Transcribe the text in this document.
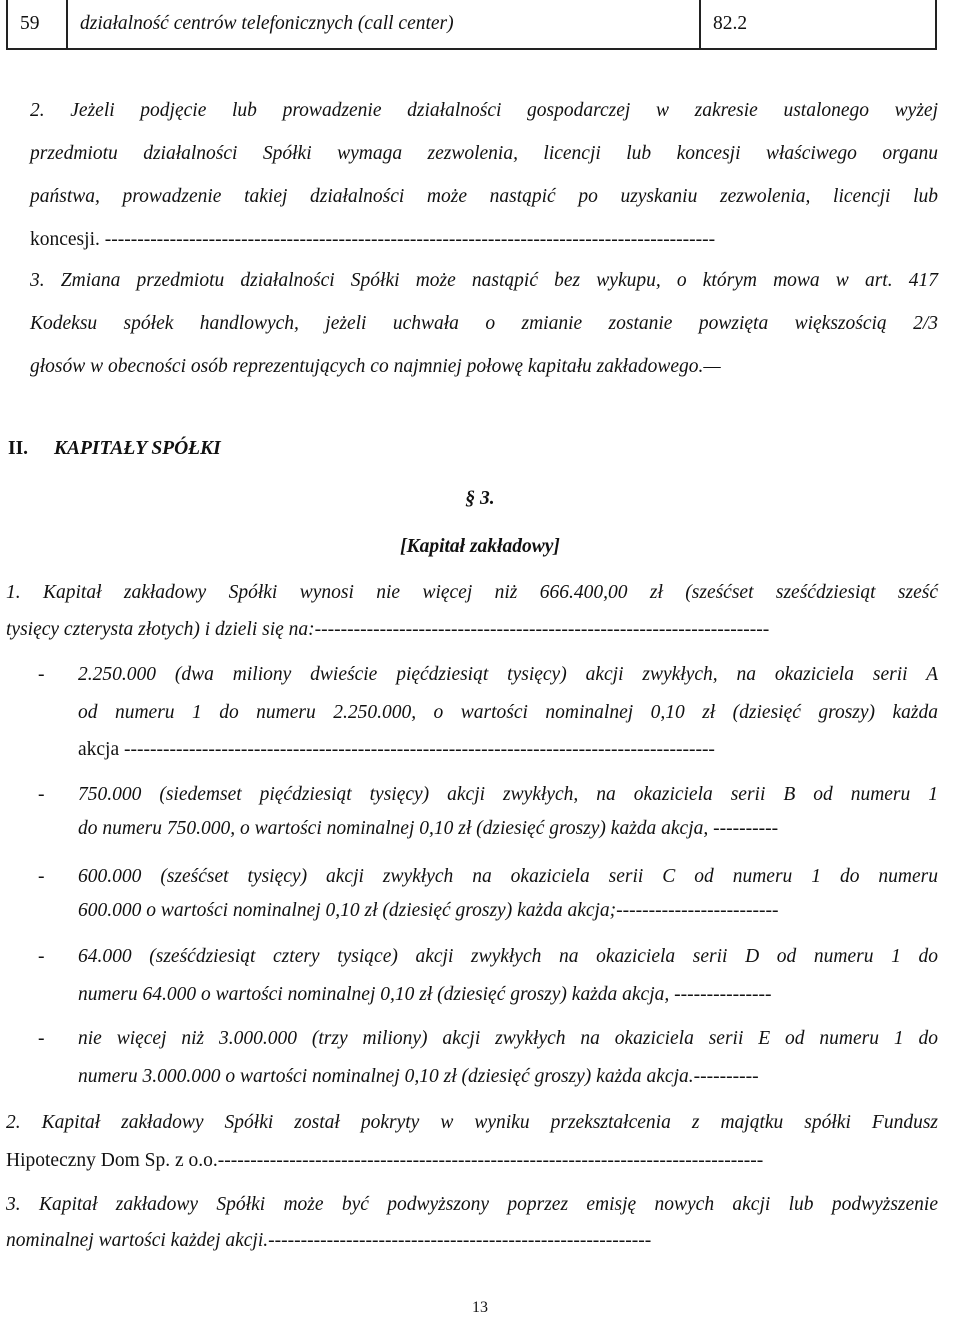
59	działalność centrów telefonicznych (call center)	82.2
2. Jeżeli podjęcie lub prowadzenie działalności gospodarczej w zakresie ustalonego wyżej
przedmiotu działalności Spółki wymaga zezwolenia, licencji lub koncesji właściwego organu
państwa, prowadzenie takiej działalności może nastąpić po uzyskaniu zezwolenia, licencji lub
koncesji. ----------------------------------------------------------------------------------------------
3. Zmiana przedmiotu działalności Spółki może nastąpić bez wykupu, o którym mowa w art. 417
Kodeksu spółek handlowych, jeżeli uchwała o zmianie zostanie powzięta większością 2/3
głosów w obecności osób reprezentujących co najmniej połowę kapitału zakładowego.—
II. KAPITAŁY SPÓŁKI
§ 3.
[Kapitał zakładowy]
1. Kapitał zakładowy Spółki wynosi nie więcej niż 666.400,00 zł (sześćset sześćdziesiąt sześć
tysięcy czterysta złotych) i dzieli się na:----------------------------------------------------------------------
- 2.250.000 (dwa miliony dwieście pięćdziesiąt tysięcy) akcji zwykłych, na okaziciela serii A
od numeru 1 do numeru 2.250.000, o wartości nominalnej 0,10 zł (dziesięć groszy) każda
akcja -------------------------------------------------------------------------------------------
- 750.000 (siedemset pięćdziesiąt tysięcy) akcji zwykłych, na okaziciela serii B od numeru 1
do numeru 750.000, o wartości nominalnej 0,10 zł (dziesięć groszy) każda akcja, ----------
- 600.000 (sześćset tysięcy) akcji zwykłych na okaziciela serii C od numeru 1 do numeru
600.000 o wartości nominalnej 0,10 zł (dziesięć groszy) każda akcja;-------------------------
- 64.000 (sześćdziesiąt cztery tysiące) akcji zwykłych na okaziciela serii D od numeru 1 do
numeru 64.000 o wartości nominalnej 0,10 zł (dziesięć groszy) każda akcja, ---------------
- nie więcej niż 3.000.000 (trzy miliony) akcji zwykłych na okaziciela serii E od numeru 1 do
numeru 3.000.000 o wartości nominalnej 0,10 zł (dziesięć groszy) każda akcja.----------
2. Kapitał zakładowy Spółki został pokryty w wyniku przekształcenia z majątku spółki Fundusz
Hipoteczny Dom Sp. z o.o.------------------------------------------------------------------------------------
3. Kapitał zakładowy Spółki może być podwyższony poprzez emisję nowych akcji lub podwyższenie
nominalnej wartości każdej akcji.-----------------------------------------------------------
13
